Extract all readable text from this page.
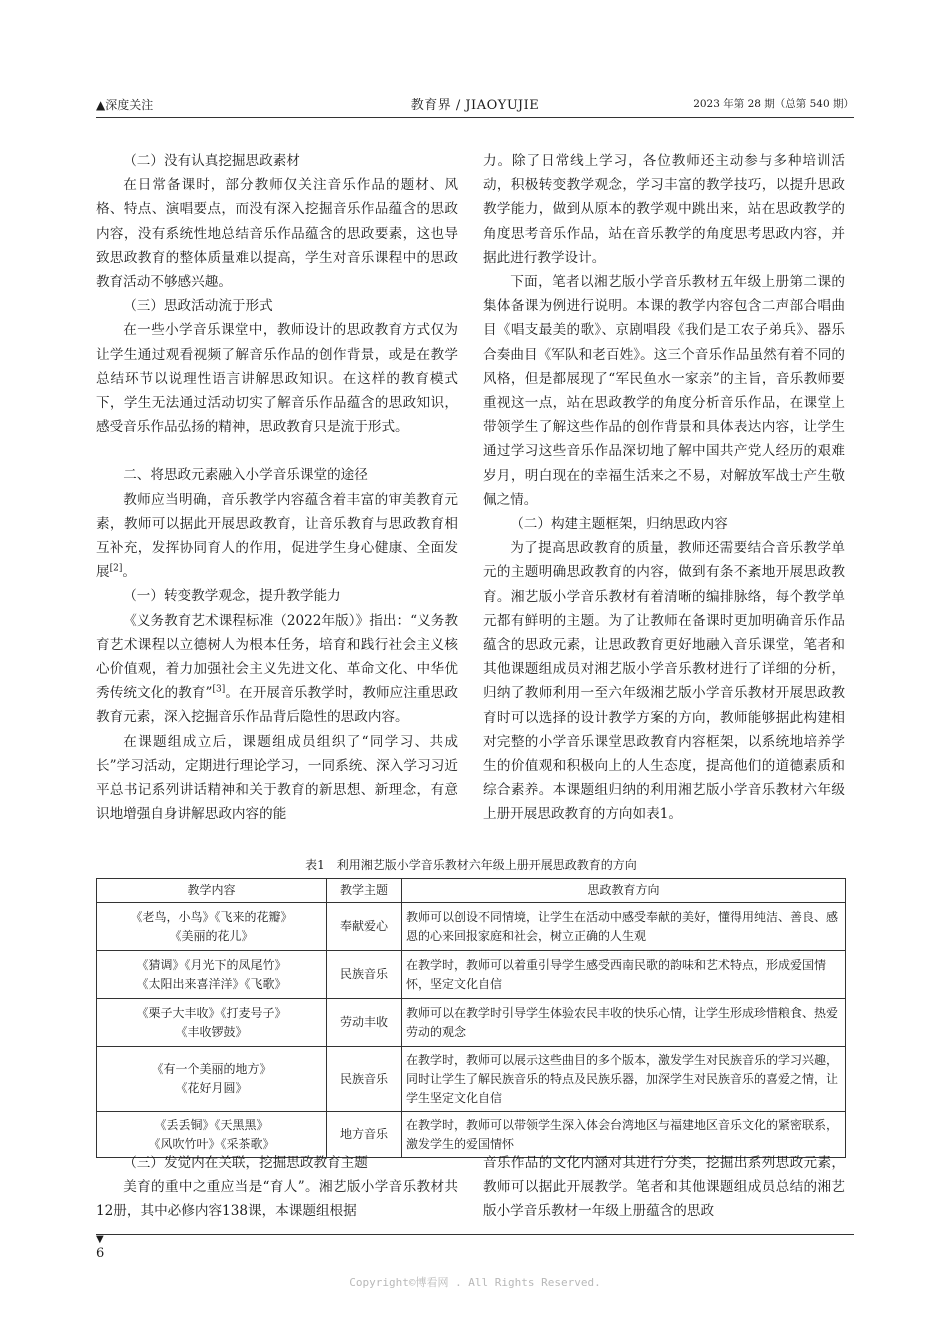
▲深度关注	教育界 / JIAOYUJIE	2023 年第 28 期（总第 540 期）

（二）没有认真挖掘思政素材

在日常备课时，部分教师仅关注音乐作品的题材、风格、特点、演唱要点，而没有深入挖掘音乐作品蕴含的思政内容，没有系统性地总结音乐作品蕴含的思政要素，这也导致思政教育的整体质量难以提高，学生对音乐课程中的思政教育活动不够感兴趣。

（三）思政活动流于形式

在一些小学音乐课堂中，教师设计的思政教育方式仅为让学生通过观看视频了解音乐作品的创作背景，或是在教学总结环节以说理性语言讲解思政知识。在这样的教育模式下，学生无法通过活动切实了解音乐作品蕴含的思政知识，感受音乐作品弘扬的精神，思政教育只是流于形式。

二、将思政元素融入小学音乐课堂的途径

教师应当明确，音乐教学内容蕴含着丰富的审美教育元素，教师可以据此开展思政教育，让音乐教育与思政教育相互补充，发挥协同育人的作用，促进学生身心健康、全面发展[2]。

（一）转变教学观念，提升教学能力

《义务教育艺术课程标准（2022年版）》指出：“义务教育艺术课程以立德树人为根本任务，培育和践行社会主义核心价值观，着力加强社会主义先进文化、革命文化、中华优秀传统文化的教育”[3]。在开展音乐教学时，教师应注重思政教育元素，深入挖掘音乐作品背后隐性的思政内容。

在课题组成立后，课题组成员组织了“同学习、共成长”学习活动，定期进行理论学习，一同系统、深入学习习近平总书记系列讲话精神和关于教育的新思想、新理念，有意识地增强自身讲解思政内容的能

力。除了日常线上学习，各位教师还主动参与多种培训活动，积极转变教学观念，学习丰富的教学技巧，以提升思政教学能力，做到从原本的教学观中跳出来，站在思政教学的角度思考音乐作品，站在音乐教学的角度思考思政内容，并据此进行教学设计。

下面，笔者以湘艺版小学音乐教材五年级上册第二课的集体备课为例进行说明。本课的教学内容包含二声部合唱曲目《唱支最美的歌》、京剧唱段《我们是工农子弟兵》、器乐合奏曲目《军队和老百姓》。这三个音乐作品虽然有着不同的风格，但是都展现了“军民鱼水一家亲”的主旨，音乐教师要重视这一点，站在思政教学的角度分析音乐作品，在课堂上带领学生了解这些作品的创作背景和具体表达内容，让学生通过学习这些音乐作品深切地了解中国共产党人经历的艰难岁月，明白现在的幸福生活来之不易，对解放军战士产生敬佩之情。

（二）构建主题框架，归纳思政内容

为了提高思政教育的质量，教师还需要结合音乐教学单元的主题明确思政教育的内容，做到有条不紊地开展思政教育。湘艺版小学音乐教材有着清晰的编排脉络，每个教学单元都有鲜明的主题。为了让教师在备课时更加明确音乐作品蕴含的思政元素，让思政教育更好地融入音乐课堂，笔者和其他课题组成员对湘艺版小学音乐教材进行了详细的分析，归纳了教师利用一至六年级湘艺版小学音乐教材开展思政教育时可以选择的设计教学方案的方向，教师能够据此构建相对完整的小学音乐课堂思政教育内容框架，以系统地培养学生的价值观和积极向上的人生态度，提高他们的道德素质和综合素养。本课题组归纳的利用湘艺版小学音乐教材六年级上册开展思政教育的方向如表1。

表1　利用湘艺版小学音乐教材六年级上册开展思政教育的方向
教学内容	教学主题	思政教育方向

《老鸟，小鸟》《飞来的花瓣》
《美丽的花儿》	奉献爱心	教师可以创设不同情境，让学生在活动中感受奉献的美好，懂得用纯洁、善良、感恩的心来回报家庭和社会，树立正确的人生观

《猜调》《月光下的凤尾竹》
《太阳出来喜洋洋》《飞歌》	民族音乐	在教学时，教师可以着重引导学生感受西南民歌的韵味和艺术特点，形成爱国情怀，坚定文化自信

《栗子大丰收》《打麦号子》
《丰收锣鼓》	劳动丰收	教师可以在教学时引导学生体验农民丰收的快乐心情，让学生形成珍惜粮食、热爱劳动的观念

《有一个美丽的地方》
《花好月圆》	民族音乐	在教学时，教师可以展示这些曲目的多个版本，激发学生对民族音乐的学习兴趣，同时让学生了解民族音乐的特点及民族乐器，加深学生对民族音乐的喜爱之情，让学生坚定文化自信

《丢丢铜》《天黑黑》
《风吹竹叶》《采茶歌》	地方音乐	在教学时，教师可以带领学生深入体会台湾地区与福建地区音乐文化的紧密联系，激发学生的爱国情怀

（三）发觉内在关联，挖掘思政教育主题

美育的重中之重应当是“育人”。湘艺版小学音乐教材共12册，其中必修内容138课，本课题组根据

音乐作品的文化内涵对其进行分类，挖掘出系列思政元素，教师可以据此开展教学。笔者和其他课题组成员总结的湘艺版小学音乐教材一年级上册蕴含的思政

▼
6
Copyright©博看网 . All Rights Reserved.
